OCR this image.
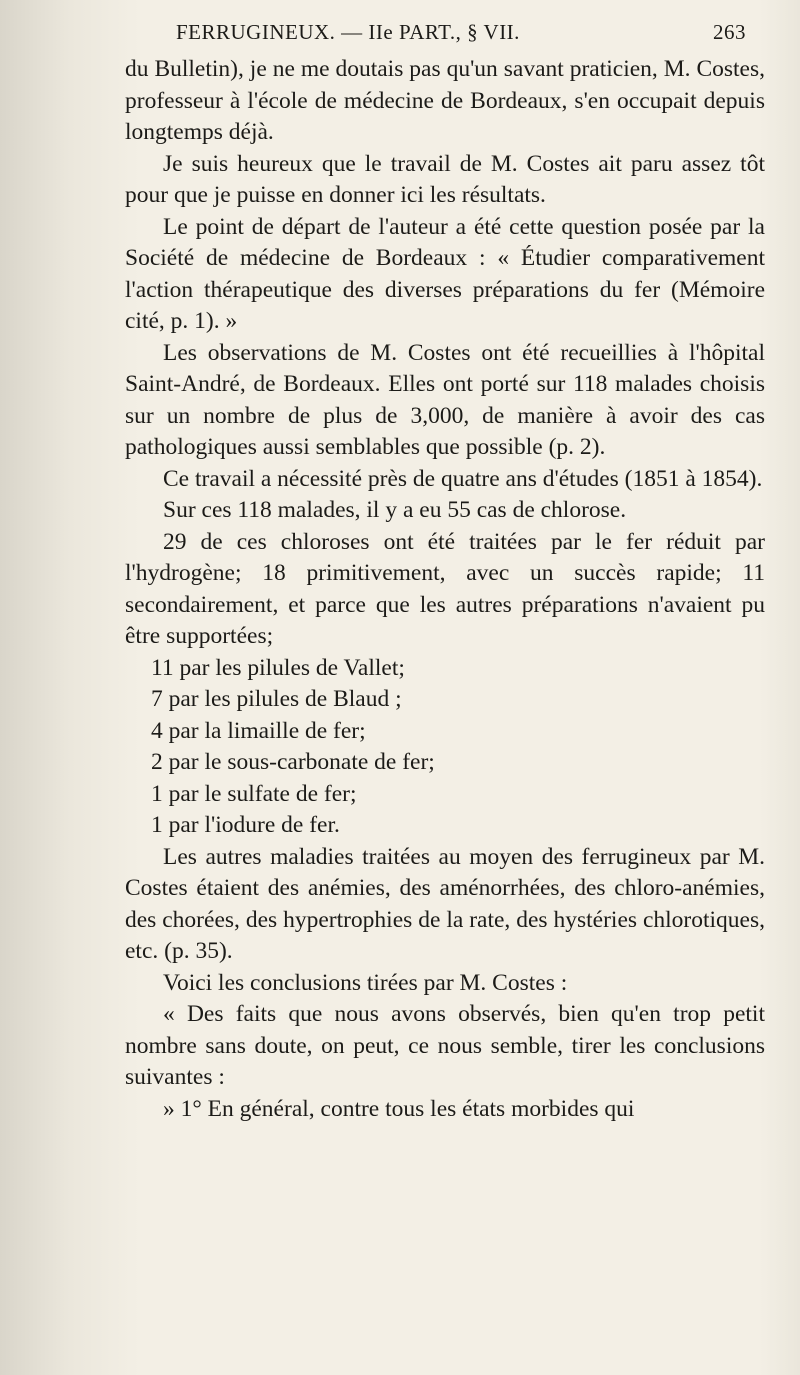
FERRUGINEUX. — IIe PART., § VII.	263

du Bulletin), je ne me doutais pas qu'un savant praticien, M. Costes, professeur à l'école de médecine de Bordeaux, s'en occupait depuis longtemps déjà.

Je suis heureux que le travail de M. Costes ait paru assez tôt pour que je puisse en donner ici les résultats.

Le point de départ de l'auteur a été cette question posée par la Société de médecine de Bordeaux : « Étudier comparativement l'action thérapeutique des diverses préparations du fer (Mémoire cité, p. 1). »

Les observations de M. Costes ont été recueillies à l'hôpital Saint-André, de Bordeaux. Elles ont porté sur 118 malades choisis sur un nombre de plus de 3,000, de manière à avoir des cas pathologiques aussi semblables que possible (p. 2).

Ce travail a nécessité près de quatre ans d'études (1851 à 1854).

Sur ces 118 malades, il y a eu 55 cas de chlorose.

29 de ces chloroses ont été traitées par le fer réduit par l'hydrogène; 18 primitivement, avec un succès rapide; 11 secondairement, et parce que les autres préparations n'avaient pu être supportées;

11 par les pilules de Vallet;

7 par les pilules de Blaud ;

4 par la limaille de fer;

2 par le sous-carbonate de fer;

1 par le sulfate de fer;

1 par l'iodure de fer.

Les autres maladies traitées au moyen des ferrugineux par M. Costes étaient des anémies, des aménorrhées, des chloro-anémies, des chorées, des hypertrophies de la rate, des hystéries chlorotiques, etc. (p. 35).

Voici les conclusions tirées par M. Costes :

« Des faits que nous avons observés, bien qu'en trop petit nombre sans doute, on peut, ce nous semble, tirer les conclusions suivantes :

» 1° En général, contre tous les états morbides qui
